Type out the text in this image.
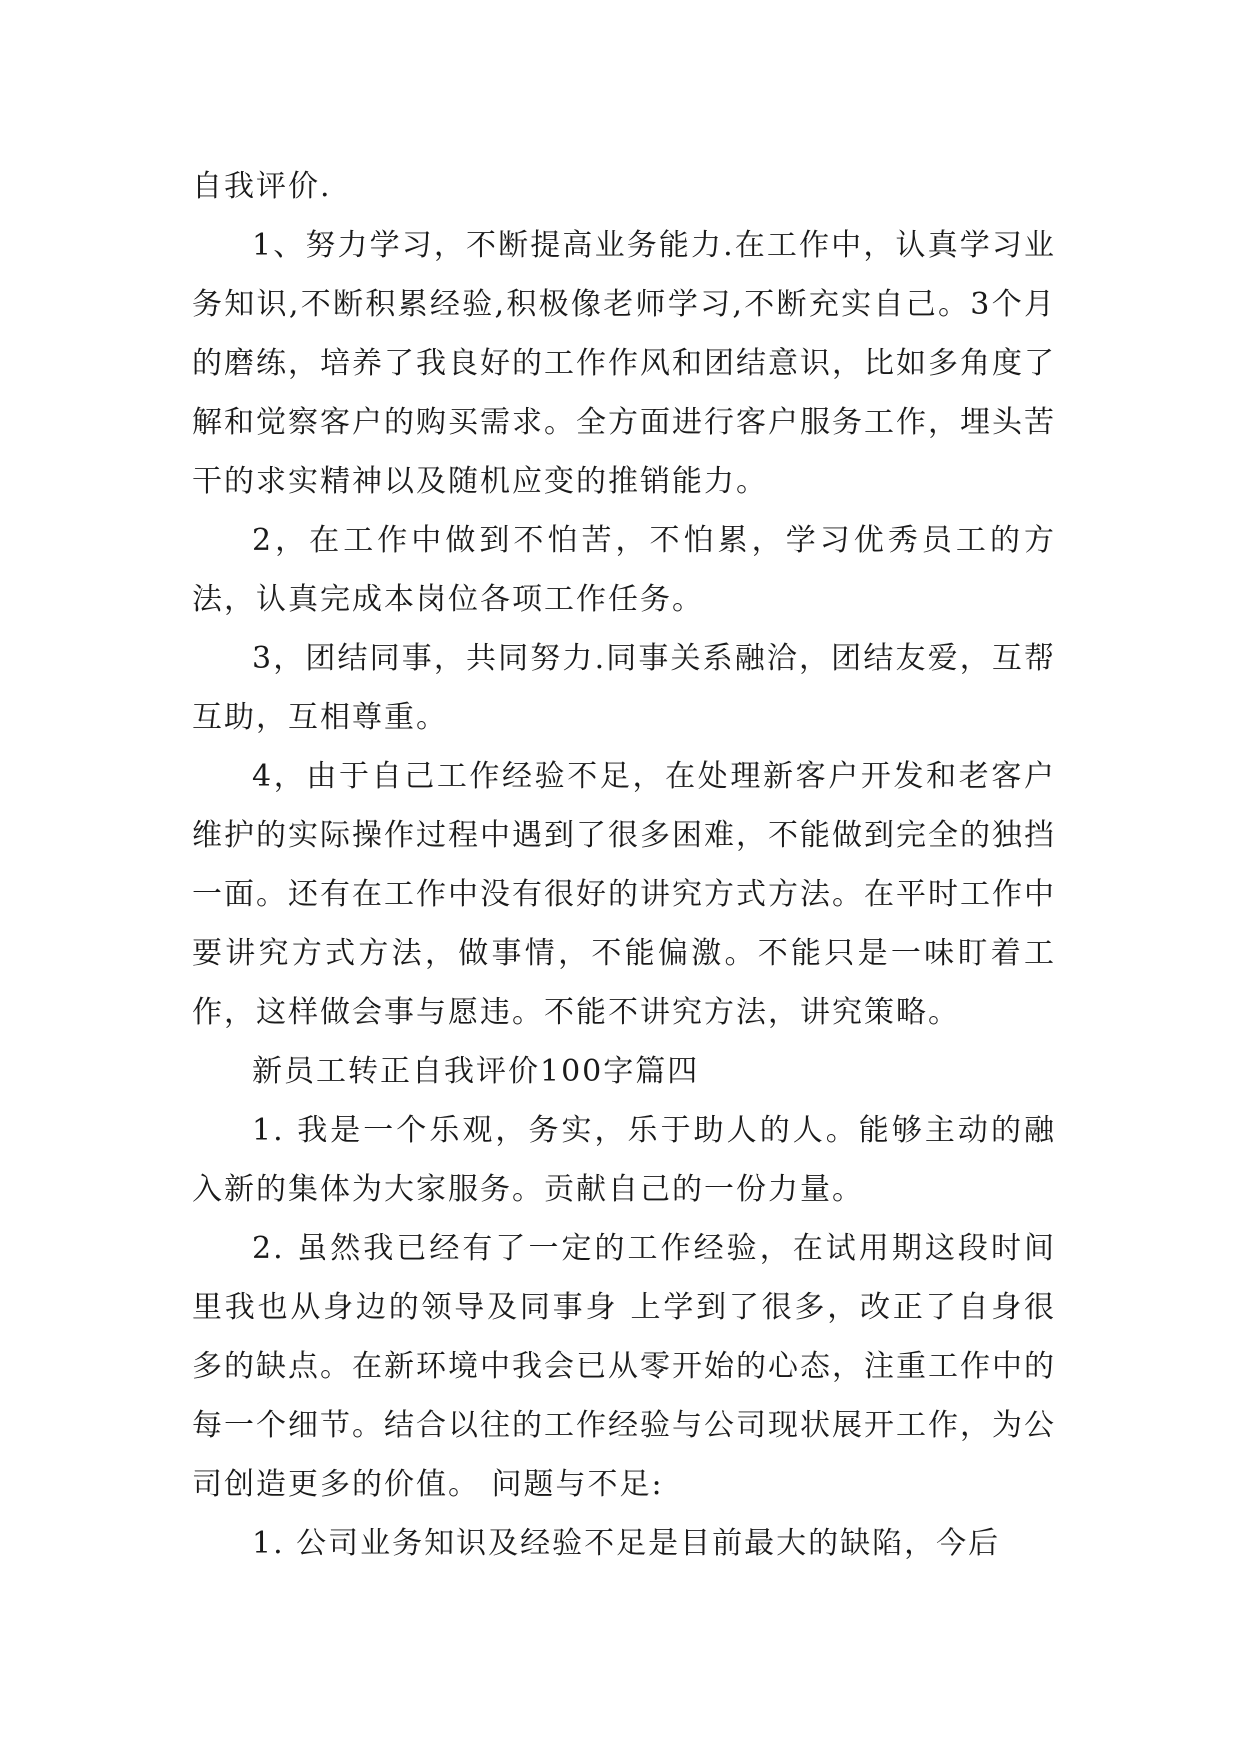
自我评价.

1、努力学习，不断提高业务能力.在工作中，认真学习业务知识,不断积累经验,积极像老师学习,不断充实自己。3个月的磨练，培养了我良好的工作作风和团结意识，比如多角度了解和觉察客户的购买需求。全方面进行客户服务工作，埋头苦干的求实精神以及随机应变的推销能力。

2，在工作中做到不怕苦，不怕累，学习优秀员工的方法，认真完成本岗位各项工作任务。

3，团结同事，共同努力.同事关系融洽，团结友爱，互帮互助，互相尊重。

4，由于自己工作经验不足，在处理新客户开发和老客户维护的实际操作过程中遇到了很多困难，不能做到完全的独挡一面。还有在工作中没有很好的讲究方式方法。在平时工作中要讲究方式方法，做事情，不能偏激。不能只是一味盯着工作，这样做会事与愿违。不能不讲究方法，讲究策略。

新员工转正自我评价100字篇四

1. 我是一个乐观，务实，乐于助人的人。能够主动的融入新的集体为大家服务。贡献自己的一份力量。

2. 虽然我已经有了一定的工作经验，在试用期这段时间里我也从身边的领导及同事身 上学到了很多，改正了自身很多的缺点。在新环境中我会已从零开始的心态，注重工作中的每一个细节。结合以往的工作经验与公司现状展开工作，为公司创造更多的价值。 问题与不足:

1. 公司业务知识及经验不足是目前最大的缺陷，今后
